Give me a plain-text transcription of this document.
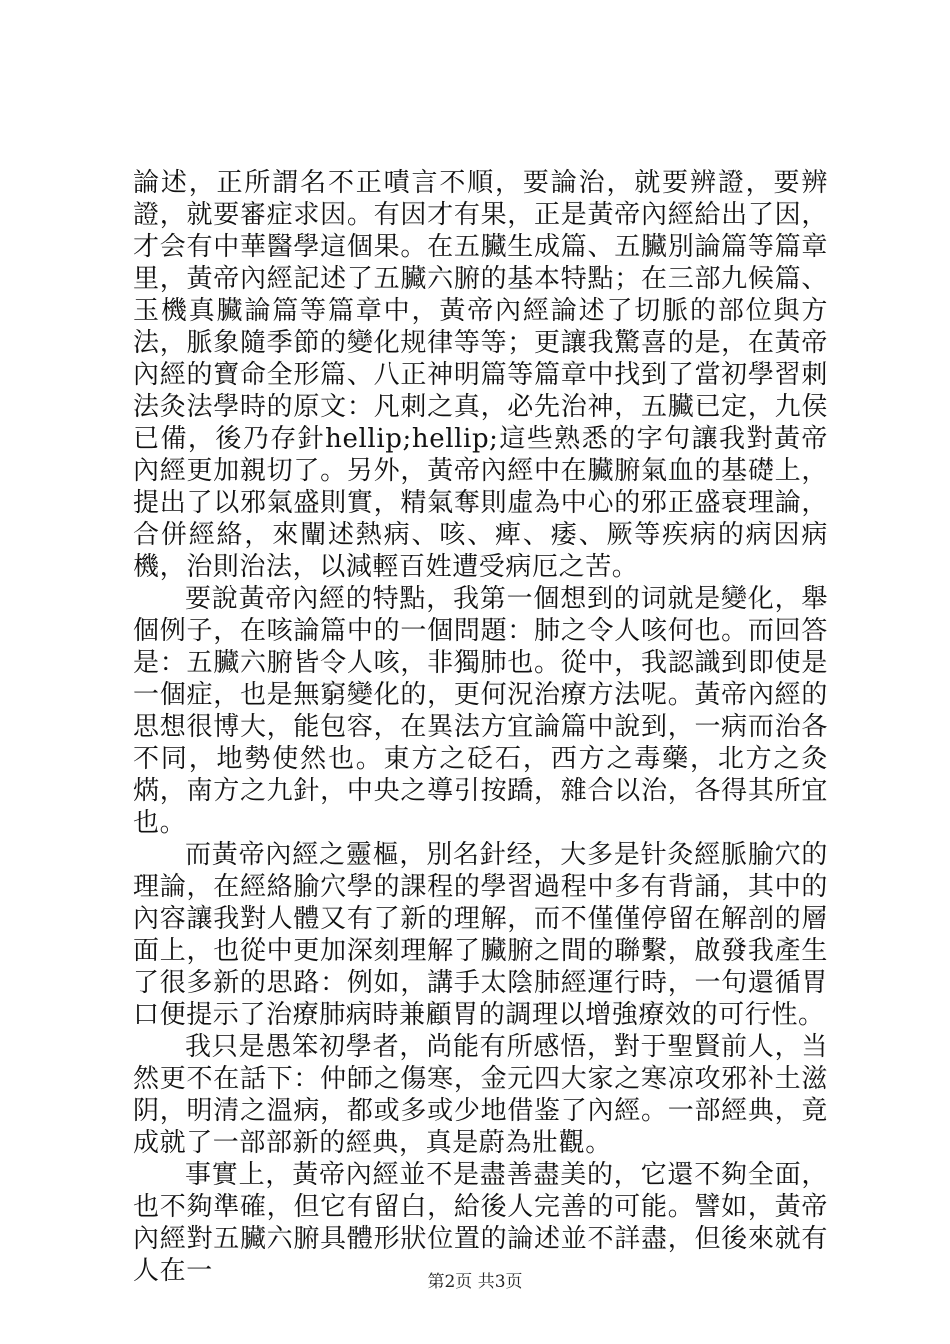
論述，正所謂名不正嘖言不順，要論治，就要辨證，要辨證，就要審症求因。有因才有果，正是黃帝內經給出了因，才会有中華醫學這個果。在五臟生成篇、五臟別論篇等篇章里，黃帝內經記述了五臟六腑的基本特點；在三部九候篇、玉機真臟論篇等篇章中，黃帝內經論述了切脈的部位與方法，脈象隨季節的變化规律等等；更讓我驚喜的是，在黃帝內經的寶命全形篇、八正神明篇等篇章中找到了當初學習刺法灸法學時的原文：凡刺之真，必先治神，五臟已定，九侯已備，後乃存針hellip;hellip;這些熟悉的字句讓我對黃帝內經更加親切了。另外，黃帝內經中在臟腑氣血的基礎上，提出了以邪氣盛則實，精氣奪則虛為中心的邪正盛衰理論，合併經絡，來闡述熱病、咳、痺、痿、厥等疾病的病因病機，治則治法，以減輕百姓遭受病厄之苦。

要說黃帝內經的特點，我第一個想到的词就是變化，舉個例子，在咳論篇中的一個問題：肺之令人咳何也。而回答是：五臟六腑皆令人咳，非獨肺也。從中，我認識到即使是一個症，也是無窮變化的，更何況治療方法呢。黃帝內經的思想很博大，能包容，在異法方宜論篇中說到，一病而治各不同，地勢使然也。東方之砭石，西方之毒藥，北方之灸焫，南方之九針，中央之導引按蹻，雜合以治，各得其所宜也。

而黃帝內經之靈樞，別名針经，大多是针灸經脈腧穴的理論，在經絡腧穴學的課程的學習過程中多有背誦，其中的內容讓我對人體又有了新的理解，而不僅僅停留在解剖的層面上，也從中更加深刻理解了臟腑之間的聯繫，啟發我產生了很多新的思路：例如，講手太陰肺經運行時，一句還循胃口便提示了治療肺病時兼顧胃的調理以增強療效的可行性。

我只是愚笨初學者，尚能有所感悟，對于聖賢前人，当然更不在話下：仲師之傷寒，金元四大家之寒凉攻邪补土滋阴，明清之溫病，都或多或少地借鉴了內經。一部經典，竟成就了一部部新的經典，真是蔚為壯觀。

事實上，黃帝內經並不是盡善盡美的，它還不夠全面，也不夠準確，但它有留白，給後人完善的可能。譬如，黃帝內經對五臟六腑具體形狀位置的論述並不詳盡，但後來就有人在一	第2页 共3页
